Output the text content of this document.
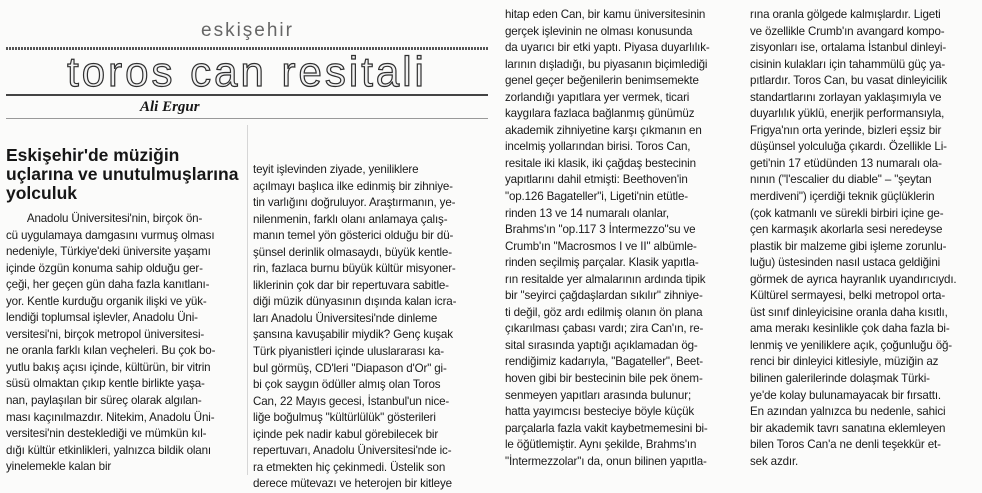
eskişehir
toros can resitali
Ali Ergur
Eskişehir'de müziğin uçlarına ve unutulmuşlarına yolculuk
Anadolu Üniversitesi'nin, birçok ön-
cü uygulamaya damgasını vurmuş olması
nedeniyle, Türkiye'deki üniversite yaşamı
içinde özgün konuma sahip olduğu ger-
çeği, her geçen gün daha fazla kanıtlanı-
yor. Kentle kurduğu organik ilişki ve yük-
lendiği toplumsal işlevler, Anadolu Üni-
versitesi'ni, birçok metropol üniversitesi-
ne oranla farklı kılan veçheleri. Bu çok bo-
yutlu bakış açısı içinde, kültürün, bir vitrin
süsü olmaktan çıkıp kentle birlikte yaşa-
nan, paylaşılan bir süreç olarak algılan-
ması kaçınılmazdır. Nitekim, Anadolu Üni-
versitesi'nin desteklediği ve mümkün kıl-
dığı kültür etkinlikleri, yalnızca bildik olanı
yinelemekle kalan bir
teyit işlevinden ziyade, yeniliklere
açılmayı başlıca ilke edinmiş bir zihniye-
tin varlığını doğruluyor. Araştırmanın, ye-
nilenmenin, farklı olanı anlamaya çalış-
manın temel yön gösterici olduğu bir dü-
şünsel derinlik olmasaydı, büyük kentle-
rin, fazlaca burnu büyük kültür misyoner-
liklerinin çok dar bir repertuvara sabitle-
diği müzik dünyasının dışında kalan icra-
ları Anadolu Üniversitesi'nde dinleme
şansına kavuşabilir miydik? Genç kuşak
Türk piyanistleri içinde uluslararası ka-
bul görmüş, CD'leri "Diapason d'Or" gi-
bi çok saygın ödüller almış olan Toros
Can, 22 Mayıs gecesi, İstanbul'un nice-
liğe boğulmuş "kültürlülük" gösterileri
içinde pek nadir kabul görebilecek bir
repertuvarı, Anadolu Üniversitesi'nde ic-
ra etmekten hiç çekinmedi. Üstelik son
derece mütevazı ve heterojen bir kitleye
hitap eden Can, bir kamu üniversitesinin
gerçek işlevinin ne olması konusunda
da uyarıcı bir etki yaptı. Piyasa duyarlılık-
larının dışladığı, bu piyasanın biçimlediği
genel geçer beğenilerin benimsemekte
zorlandığı yapıtlara yer vermek, ticari
kaygılara fazlaca bağlanmış günümüz
akademik zihniyetine karşı çıkmanın en
incelmiş yollarından birisi. Toros Can,
resitale iki klasik, iki çağdaş bestecinin
yapıtlarını dahil etmişti: Beethoven'in
"op.126 Bagateller"i, Ligeti'nin etütle-
rinden 13 ve 14 numaralı olanlar,
Brahms'ın "op.117 3 İntermezzo"su ve
Crumb'ın "Macrosmos I ve II" albümle-
rinden seçilmiş parçalar. Klasik yapıtla-
rın resitalde yer almalarının ardında tipik
bir "seyirci çağdaşlardan sıkılır" zihniye-
ti değil, göz ardı edilmiş olanın ön plana
çıkarılması çabası vardı; zira Can'ın, re-
sital sırasında yaptığı açıklamadan ög-
rendiğimiz kadarıyla, "Bagateller", Beet-
hoven gibi bir bestecinin bile pek önem-
senmeyen yapıtları arasında bulunur;
hatta yayımcısı besteciye böyle küçük
parçalarla fazla vakit kaybetmemesini bi-
le öğütlemiştir. Aynı şekilde, Brahms'ın
"İntermezzolar"ı da, onun bilinen yapıtla-
rına oranla gölgede kalmışlardır. Ligeti
ve özellikle Crumb'ın avangard kompo-
zisyonları ise, ortalama İstanbul dinleyi-
cisinin kulakları için tahammülü güç ya-
pıtlardır. Toros Can, bu vasat dinleyicilik
standartlarını zorlayan yaklaşımıyla ve
duyarlılık yüklü, enerjik performansıyla,
Frigya'nın orta yerinde, bizleri eşsiz bir
düşünsel yolculuğa çıkardı. Özellikle Li-
geti'nin 17 etüdünden 13 numaralı ola-
nının ("l'escalier du diable" – "şeytan
merdiveni") içerdiği teknik güçlüklerin
(çok katmanlı ve sürekli birbiri içine ge-
çen karmaşık akorlarla sesi neredeyse
plastik bir malzeme gibi işleme zorunlu-
luğu) üstesinden nasıl ustaca geldiğini
görmek de ayrıca hayranlık uyandırıcıydı.
Kültürel sermayesi, belki metropol orta-
üst sınıf dinleyicisine oranla daha kısıtlı,
ama merakı kesinlikle çok daha fazla bi-
lenmiş ve yeniliklere açık, çoğunluğu öğ-
renci bir dinleyici kitlesiyle, müziğin az
bilinen galerilerinde dolaşmak Türki-
ye'de kolay bulunamayacak bir fırsattı.
En azından yalnızca bu nedenle, sahici
bir akademik tavrı sanatına eklemleyen
bilen Toros Can'a ne denli teşekkür et-
sek azdır.
